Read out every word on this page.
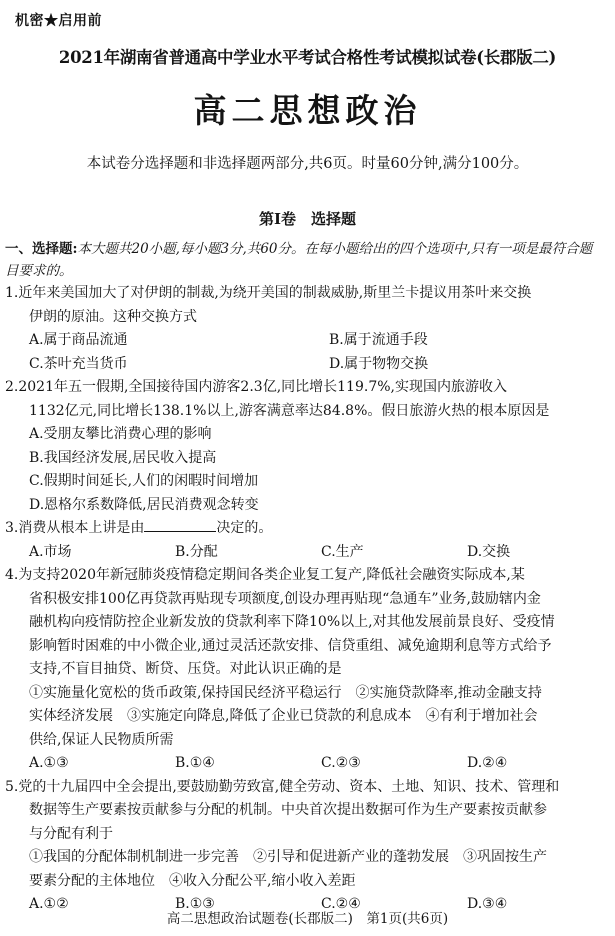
机密★启用前
2021年湖南省普通高中学业水平考试合格性考试模拟试卷(长郡版二)
高二思想政治
本试卷分选择题和非选择题两部分,共6页。时量60分钟,满分100分。
第Ⅰ卷　选择题
一、选择题:本大题共20小题,每小题3分,共60分。在每小题给出的四个选项中,只有一项是最符合题目要求的。
1.近年来美国加大了对伊朗的制裁,为绕开美国的制裁威胁,斯里兰卡提议用茶叶来交换
伊朗的原油。这种交换方式
A.属于商品流通	B.属于流通手段
C.茶叶充当货币	D.属于物物交换
2.2021年五一假期,全国接待国内游客2.3亿,同比增长119.7%,实现国内旅游收入
1132亿元,同比增长138.1%以上,游客满意率达84.8%。假日旅游火热的根本原因是
A.受朋友攀比消费心理的影响
B.我国经济发展,居民收入提高
C.假期时间延长,人们的闲暇时间增加
D.恩格尔系数降低,居民消费观念转变
3.消费从根本上讲是由	决定的。
A.市场	B.分配	C.生产	D.交换
4.为支持2020年新冠肺炎疫情稳定期间各类企业复工复产,降低社会融资实际成本,某
省积极安排100亿再贷款再贴现专项额度,创设办理再贴现“急通车”业务,鼓励辖内金
融机构向疫情防控企业新发放的贷款利率下降10%以上,对其他发展前景良好、受疫情
影响暂时困难的中小微企业,通过灵活还款安排、信贷重组、减免逾期利息等方式给予
支持,不盲目抽贷、断贷、压贷。对此认识正确的是
①实施量化宽松的货币政策,保持国民经济平稳运行　②实施贷款降率,推动金融支持
实体经济发展　③实施定向降息,降低了企业已贷款的利息成本　④有利于增加社会
供给,保证人民物质所需
A.①③	B.①④	C.②③	D.②④
5.党的十九届四中全会提出,要鼓励勤劳致富,健全劳动、资本、土地、知识、技术、管理和
数据等生产要素按贡献参与分配的机制。中央首次提出数据可作为生产要素按贡献参
与分配有利于
①我国的分配体制机制进一步完善　②引导和促进新产业的蓬勃发展　③巩固按生产
要素分配的主体地位　④收入分配公平,缩小收入差距
A.①②	B.①③	C.②④	D.③④
高二思想政治试题卷(长郡版二)　第1页(共6页)
